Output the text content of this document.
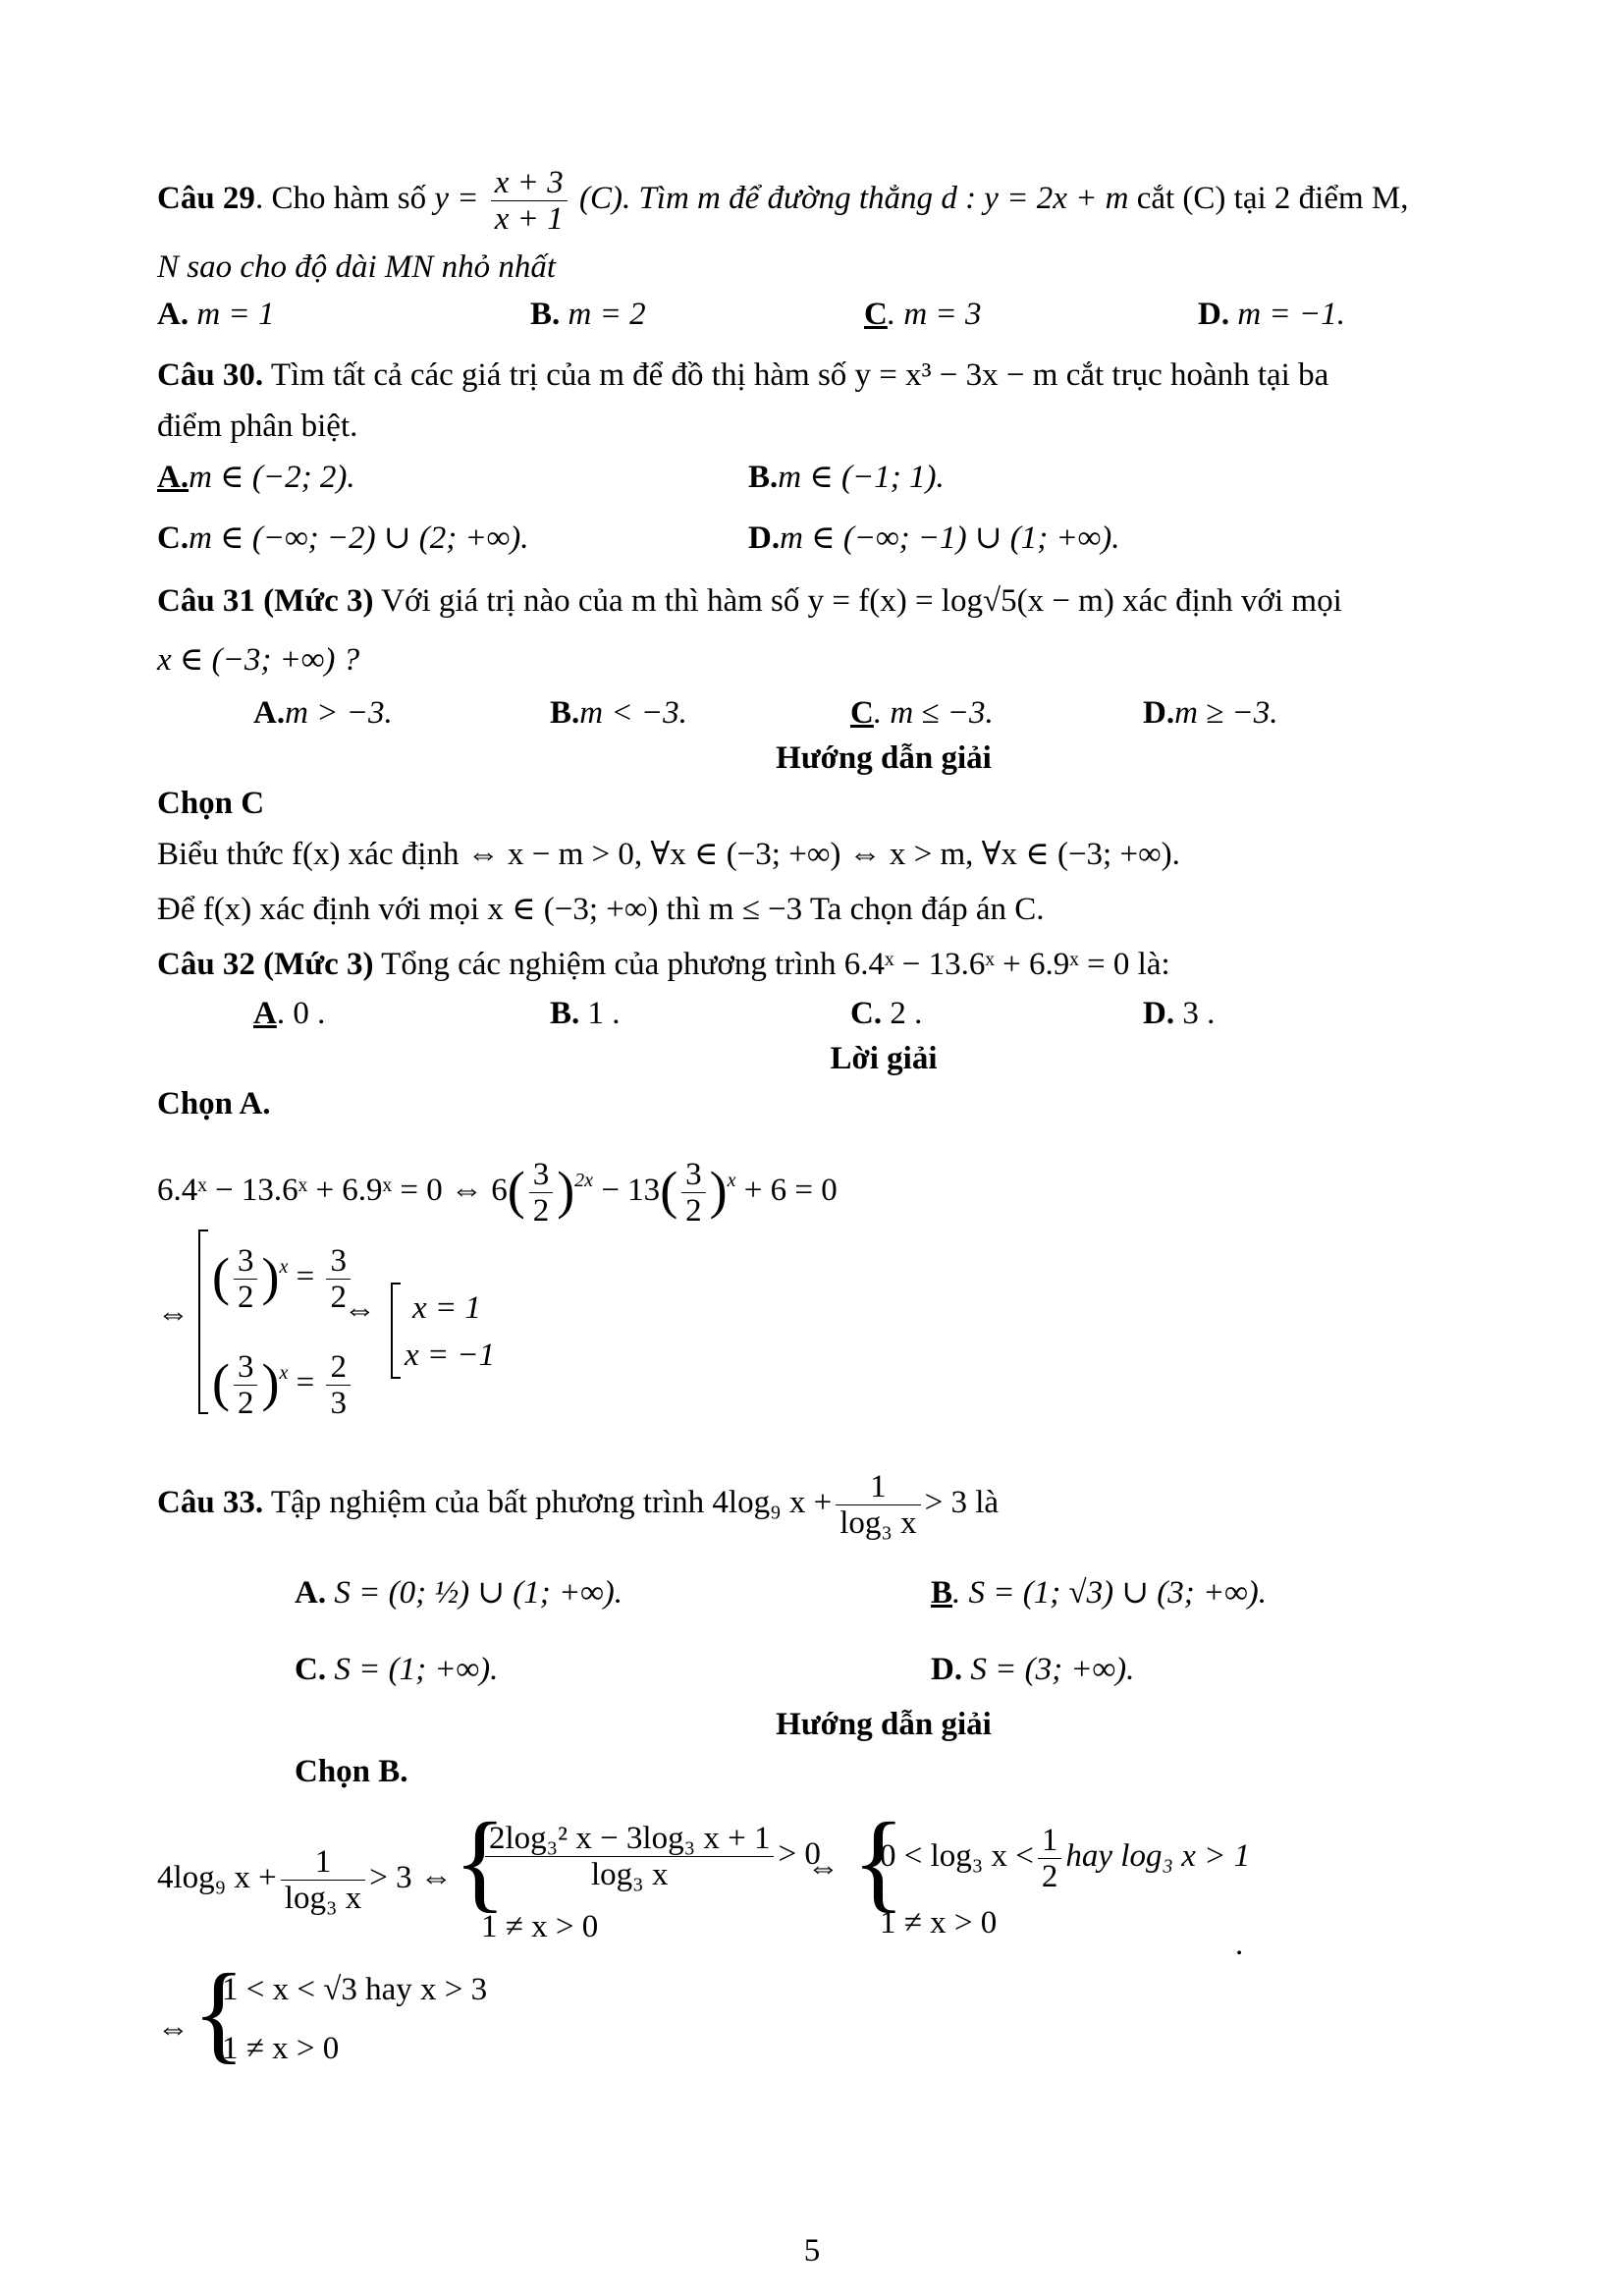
Câu 29. Cho hàm số $y = \frac{x + 3}{x + 1} (C)$. Tìm m để đường thẳng d : y = 2x + m cắt (C) tại 2 điểm M,
N sao cho độ dài MN nhỏ nhất
A. m = 1	B. m = 2	C. m = 3	D. m = −1.
Câu 30. Tìm tất cả các giá trị của m để đồ thị hàm số y = x³ − 3x − m cắt trục hoành tại ba
điểm phân biệt.
A.m ∈ (−2; 2).	B.m ∈ (−1; 1).
C.m ∈ (−∞; −2) ∪ (2; +∞).	D.m ∈ (−∞; −1) ∪ (1; +∞).
Câu 31 (Mức 3) Với giá trị nào của m thì hàm số y = f(x) = log√5(x − m) xác định với mọi
x ∈ (−3; +∞) ?
A.m > −3.	B.m < −3.	C. m ≤ −3.	D.m ≥ −3.
Hướng dẫn giải
Chọn C
Biểu thức f(x) xác định ⇔ x − m > 0, ∀x ∈ (−3; +∞) ⇔ x > m, ∀x ∈ (−3; +∞).
Để f(x) xác định với mọi x ∈ (−3; +∞) thì m ≤ −3 Ta chọn đáp án C.
Câu 32 (Mức 3) Tổng các nghiệm của phương trình 6.4ˣ − 13.6ˣ + 6.9ˣ = 0 là:
A. 0 .	B. 1 .	C. 2 .	D. 3 .
Lời giải
Chọn A.
6.4ˣ − 13.6ˣ + 6.9ˣ = 0 ⇔ $6( \frac{3}{2} )^{2x} - 13( \frac{3}{2} )^x + 6 = 0$
⇔
( $\frac{3}{2} )^x = \frac{3}{2}$
( $\frac{3}{2} )^x = \frac{2}{3}$
⇔ x = 1
x = −1
Câu 33. Tập nghiệm của bất phương trình 4log₉ $x + \frac{1}{\text{log₃ x}} > 3$ là
A. S = (0; ½) ∪ (1; +∞).	B. S = (1; √3) ∪ (3; +∞).
C. S = (1; +∞).	D. S = (3; +∞).
Hướng dẫn giải
Chọn B.
4log₉ $x + \frac{1}{\text{log₃ x}} > 3$ ⇔ {
$\frac{\text{2log₃² x − 3log₃ x + 1}}{\text{log₃ x}} > 0$
1 ≠ x > 0
⇔ {
0 < log₃ $x < \frac{1}{2}$ hay log₃ x > 1
1 ≠ x > 0
.
⇔ {
1 < x < √3 hay x > 3
1 ≠ x > 0
5
